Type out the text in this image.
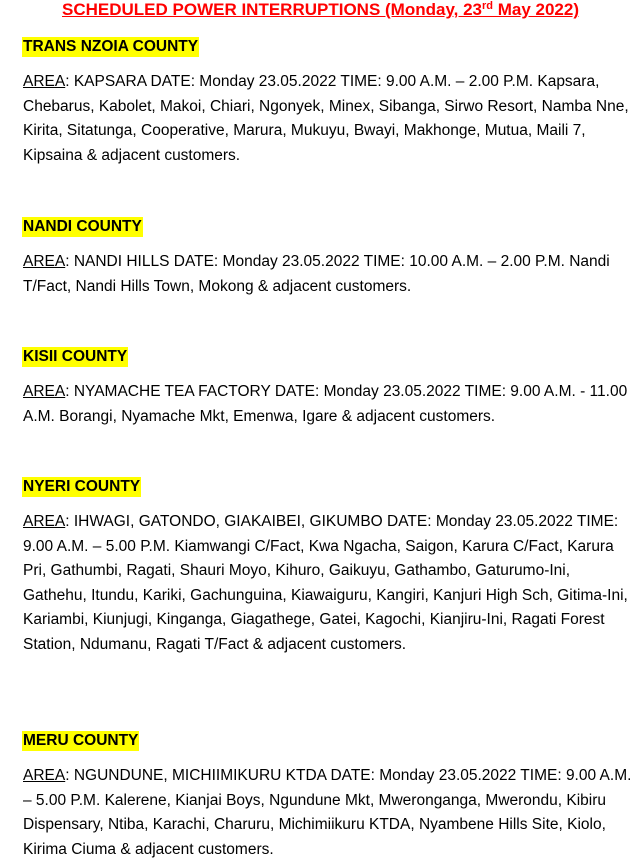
SCHEDULED POWER INTERRUPTIONS (Monday, 23rd May 2022)
TRANS NZOIA COUNTY
AREA: KAPSARA DATE: Monday 23.05.2022 TIME: 9.00 A.M. – 2.00 P.M. Kapsara, Chebarus, Kabolet, Makoi, Chiari, Ngonyek, Minex, Sibanga, Sirwo Resort, Namba Nne, Kirita, Sitatunga, Cooperative, Marura, Mukuyu, Bwayi, Makhonge, Mutua, Maili 7, Kipsaina & adjacent customers.
NANDI COUNTY
AREA: NANDI HILLS DATE: Monday 23.05.2022 TIME: 10.00 A.M. – 2.00 P.M. Nandi T/Fact, Nandi Hills Town, Mokong & adjacent customers.
KISII COUNTY
AREA: NYAMACHE TEA FACTORY DATE: Monday 23.05.2022 TIME: 9.00 A.M. - 11.00 A.M. Borangi, Nyamache Mkt, Emenwa, Igare & adjacent customers.
NYERI COUNTY
AREA: IHWAGI, GATONDO, GIAKAIBEI, GIKUMBO DATE: Monday 23.05.2022 TIME: 9.00 A.M. – 5.00 P.M. Kiamwangi C/Fact, Kwa Ngacha, Saigon, Karura C/Fact, Karura Pri, Gathumbi, Ragati, Shauri Moyo, Kihuro, Gaikuyu, Gathambo, Gaturumo-Ini, Gathehu, Itundu, Kariki, Gachunguina, Kiawaiguru, Kangiri, Kanjuri High Sch, Gitima-Ini, Kariambi, Kiunjugi, Kinganga, Giagathege, Gatei, Kagochi, Kianjiru-Ini, Ragati Forest Station, Ndumanu, Ragati T/Fact & adjacent customers.
MERU COUNTY
AREA: NGUNDUNE, MICHIIMIKURU KTDA DATE: Monday 23.05.2022 TIME: 9.00 A.M. – 5.00 P.M. Kalerene, Kianjai Boys, Ngundune Mkt, Mweronganga, Mwerondu, Kibiru Dispensary, Ntiba, Karachi, Charuru, Michimiikuru KTDA, Nyambene Hills Site, Kiolo, Kirima Ciuma & adjacent customers.
